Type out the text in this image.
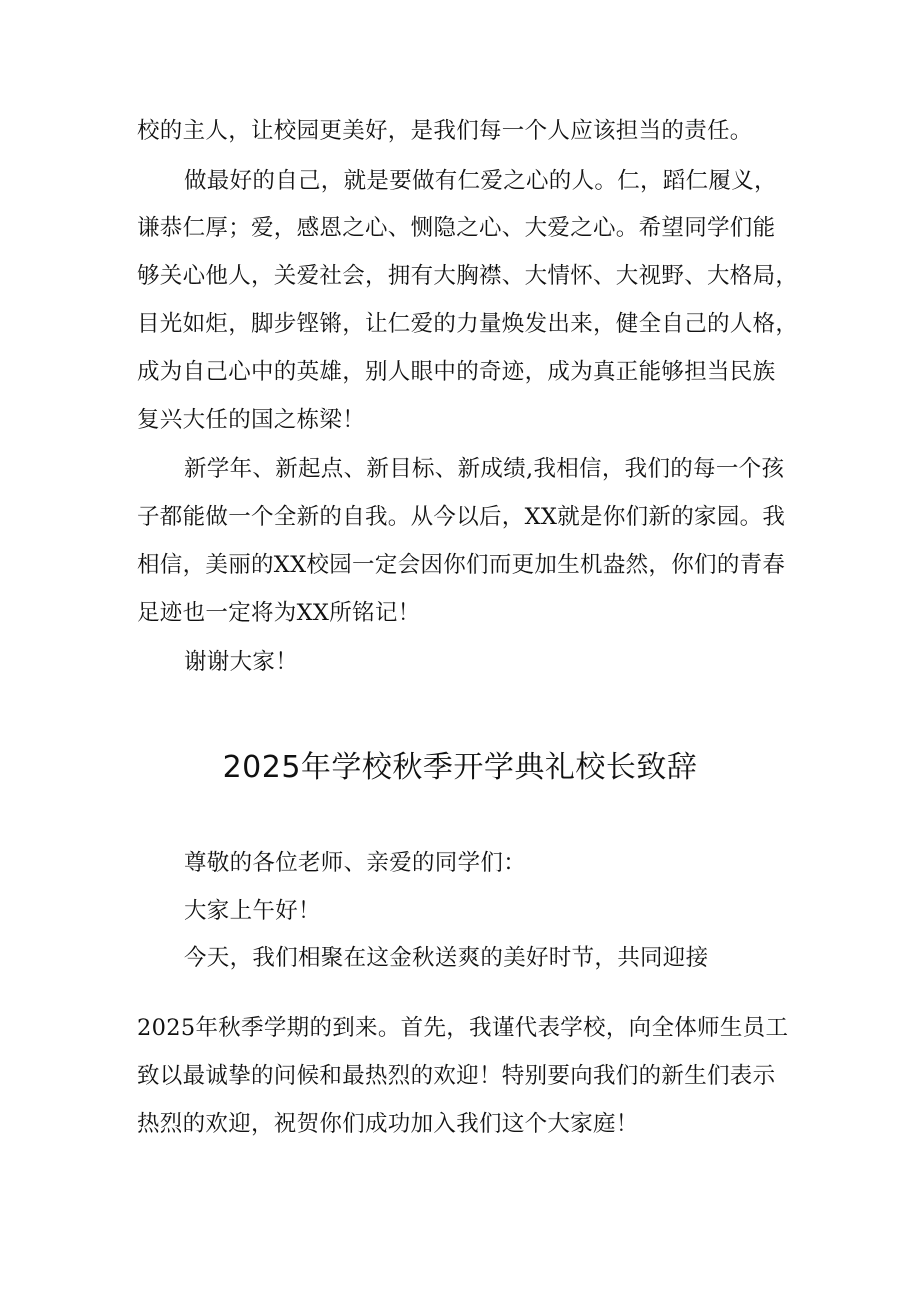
校的主人，让校园更美好，是我们每一个人应该担当的责任。
做最好的自己，就是要做有仁爱之心的人。仁，蹈仁履义，
谦恭仁厚；爱，感恩之心、恻隐之心、大爱之心。希望同学们能
够关心他人，关爱社会，拥有大胸襟、大情怀、大视野、大格局，
目光如炬，脚步铿锵，让仁爱的力量焕发出来，健全自己的人格，
成为自己心中的英雄，别人眼中的奇迹，成为真正能够担当民族
复兴大任的国之栋梁！
新学年、新起点、新目标、新成绩,我相信，我们的每一个孩
子都能做一个全新的自我。从今以后，XX就是你们新的家园。我
相信，美丽的XX校园一定会因你们而更加生机盎然，你们的青春
足迹也一定将为XX所铭记！
谢谢大家！
2025年学校秋季开学典礼校长致辞
尊敬的各位老师、亲爱的同学们：
大家上午好！
今天，我们相聚在这金秋送爽的美好时节，共同迎接
2025年秋季学期的到来。首先，我谨代表学校，向全体师生员工
致以最诚挚的问候和最热烈的欢迎！特别要向我们的新生们表示
热烈的欢迎，祝贺你们成功加入我们这个大家庭！
